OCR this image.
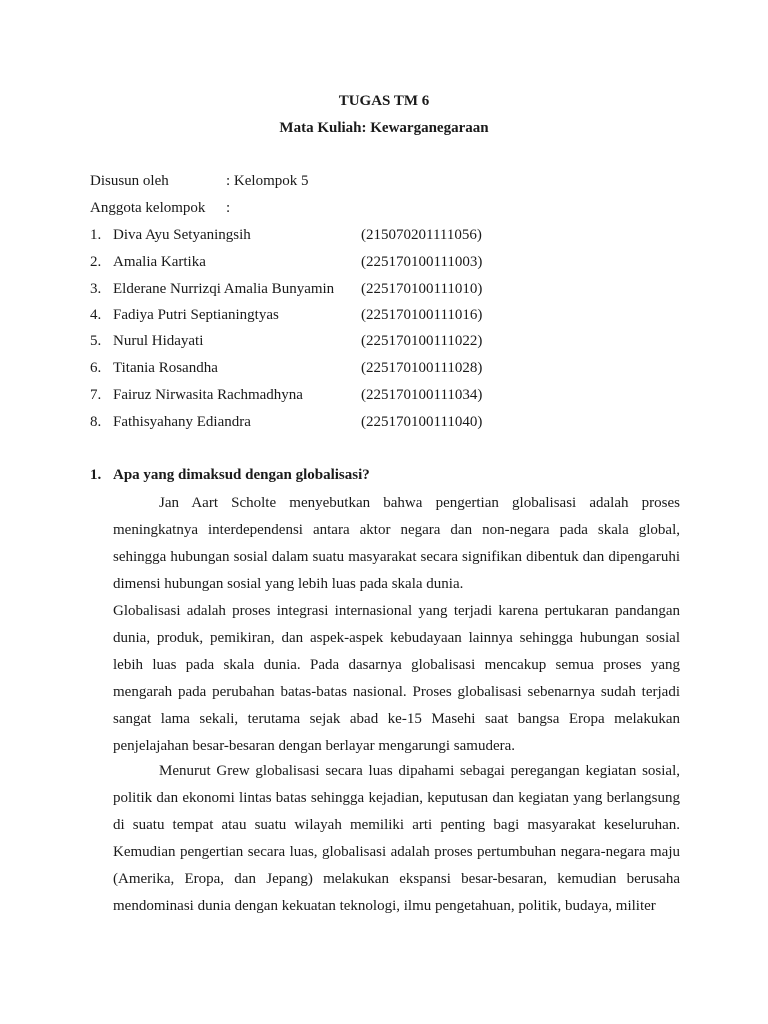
TUGAS TM 6
Mata Kuliah: Kewarganegaraan
Disusun oleh	: Kelompok 5
Anggota kelompok :
1. Diva Ayu Setyaningsih	(215070201111056)
2. Amalia Kartika	(225170100111003)
3. Elderane Nurrizqi Amalia Bunyamin (225170100111010)
4. Fadiya Putri Septianingtyas	(225170100111016)
5. Nurul Hidayati	(225170100111022)
6. Titania Rosandha	(225170100111028)
7. Fairuz Nirwasita Rachmadhyna	(225170100111034)
8. Fathisyahany Ediandra	(225170100111040)
1. Apa yang dimaksud dengan globalisasi?

Jan Aart Scholte menyebutkan bahwa pengertian globalisasi adalah proses meningkatnya interdependensi antara aktor negara dan non-negara pada skala global, sehingga hubungan sosial dalam suatu masyarakat secara signifikan dibentuk dan dipengaruhi dimensi hubungan sosial yang lebih luas pada skala dunia.

Globalisasi adalah proses integrasi internasional yang terjadi karena pertukaran pandangan dunia, produk, pemikiran, dan aspek-aspek kebudayaan lainnya sehingga hubungan sosial lebih luas pada skala dunia. Pada dasarnya globalisasi mencakup semua proses yang mengarah pada perubahan batas-batas nasional. Proses globalisasi sebenarnya sudah terjadi sangat lama sekali, terutama sejak abad ke-15 Masehi saat bangsa Eropa melakukan penjelajahan besar-besaran dengan berlayar mengarungi samudera.

Menurut Grew globalisasi secara luas dipahami sebagai peregangan kegiatan sosial, politik dan ekonomi lintas batas sehingga kejadian, keputusan dan kegiatan yang berlangsung di suatu tempat atau suatu wilayah memiliki arti penting bagi masyarakat keseluruhan. Kemudian pengertian secara luas, globalisasi adalah proses pertumbuhan negara-negara maju (Amerika, Eropa, dan Jepang) melakukan ekspansi besar-besaran, kemudian berusaha mendominasi dunia dengan kekuatan teknologi, ilmu pengetahuan, politik, budaya, militer
